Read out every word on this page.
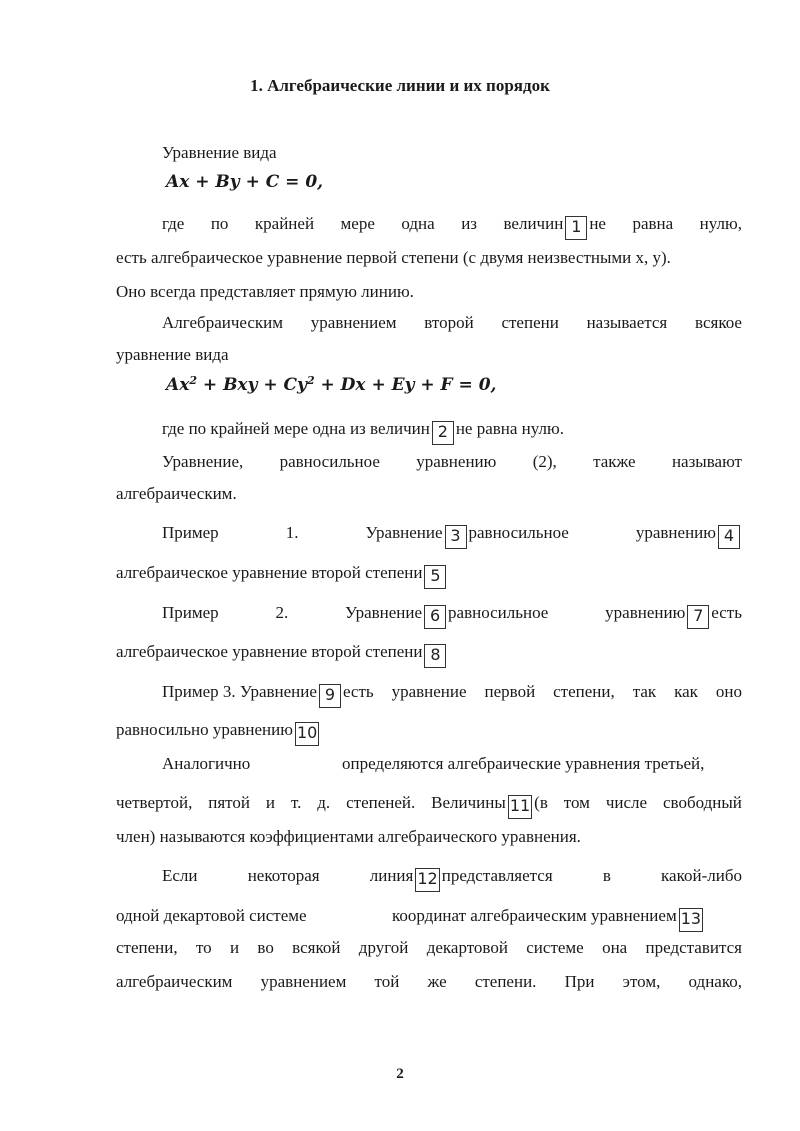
1. Алгебраические линии и их порядок
Уравнение вида
Ax + By + C = 0,
где по крайней мере одна из величин 1 не равна нулю,
есть алгебраическое уравнение первой степени (с двумя неизвестными х, у).
Оно всегда представляет прямую линию.
Алгебраическим уравнением второй степени называется всякое
уравнение вида
$Ax^2$ + Bxy + $Cy^2 + Dx + Ey + F = 0$,
где по крайней мере одна из величин 2 не равна нулю.
Уравнение, равносильное уравнению (2), также называют
алгебраическим.
Пример	1.	Уравнение 3 равносильное	уравнению 4
алгебраическое уравнение второй степени 5
Пример	2.	Уравнение 6 равносильное	уравнению 7 есть
алгебраическое уравнение второй степени 8
Пример 3. Уравнение 9 есть уравнение первой степени, так как оно
равносильно уравнению 10
Аналогично	определяются алгебраические уравнения третьей,
четвертой, пятой и т. д. степеней. Величины 11 (в том числе свободный
член) называются коэффициентами алгебраического уравнения.
Если	некоторая	линия 12 представляется	в	какой-либо
одной декартовой системе	координат алгебраическим уравнением 13
степени, то и во всякой другой декартовой системе она представится
алгебраическим уравнением той же степени. При этом, однако,
2
